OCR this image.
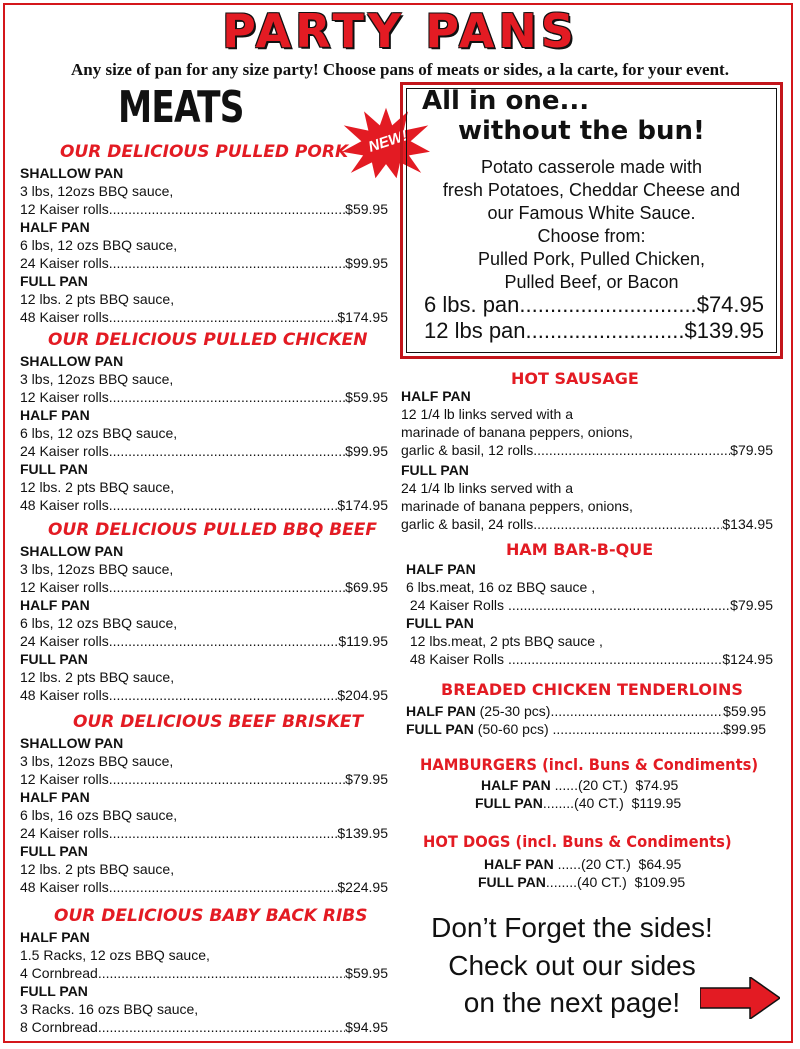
PARTY PANS
Any size of pan for any size party! Choose pans of meats or sides, a la carte, for your event.
MEATS
NEW!
OUR DELICIOUS PULLED PORK
SHALLOW PAN
3 lbs, 12ozs BBQ sauce,
12 Kaiser rolls .....	$59.95
HALF PAN
6 lbs, 12 ozs BBQ sauce,
24 Kaiser rolls .....	$99.95
FULL PAN
12 lbs. 2 pts BBQ sauce,
48 Kaiser rolls .....	$174.95
OUR DELICIOUS PULLED CHICKEN
SHALLOW PAN
3 lbs, 12ozs BBQ sauce,
12 Kaiser rolls .....	$59.95
HALF PAN
6 lbs, 12 ozs BBQ sauce,
24 Kaiser rolls .....	$99.95
FULL PAN
12 lbs. 2 pts BBQ sauce,
48 Kaiser rolls .....	$174.95
OUR DELICIOUS PULLED BBQ BEEF
SHALLOW PAN
3 lbs, 12ozs BBQ sauce,
12 Kaiser rolls .....	$69.95
HALF PAN
6 lbs, 12 ozs BBQ sauce,
24 Kaiser rolls .....	$119.95
FULL PAN
12 lbs. 2 pts BBQ sauce,
48 Kaiser rolls .....	$204.95
OUR DELICIOUS BEEF BRISKET
SHALLOW PAN
3 lbs, 12ozs BBQ sauce,
12 Kaiser rolls .....	$79.95
HALF PAN
6 lbs, 16 ozs BBQ sauce,
24 Kaiser rolls .....	$139.95
FULL PAN
12 lbs. 2 pts BBQ sauce,
48 Kaiser rolls .....	$224.95
OUR DELICIOUS BABY BACK RIBS
HALF PAN
1.5 Racks, 12 ozs BBQ sauce,
4 Cornbread .....	$59.95
FULL PAN
3 Racks. 16 ozs BBQ sauce,
8 Cornbread .....	$94.95
All in one...
without the bun!
Potato casserole made with
fresh Potatoes, Cheddar Cheese and
our Famous White Sauce.
Choose from:
Pulled Pork, Pulled Chicken,
Pulled Beef, or Bacon
6 lbs. pan .....	$74.95
12 lbs pan .....	$139.95
HOT SAUSAGE
HALF PAN
12 1/4 lb links served with a
marinade of banana peppers, onions,
garlic & basil, 12 rolls .....	$79.95
FULL PAN
24 1/4 lb links served with a
marinade of banana peppers, onions,
garlic & basil, 24 rolls .....	$134.95
HAM BAR-B-QUE
HALF PAN
6 lbs.meat, 16 oz BBQ sauce ,
24 Kaiser Rolls .....	$79.95
FULL PAN
12 lbs.meat, 2 pts BBQ sauce ,
48 Kaiser Rolls .....	$124.95
BREADED CHICKEN TENDERLOINS
HALF PAN (25-30 pcs) .....	$59.95
FULL PAN (50-60 pcs) .....	$99.95
HAMBURGERS (incl. Buns & Condiments)
HALF PAN ......(20 CT.)  $74.95
FULL PAN........(40 CT.)  $119.95
HOT DOGS (incl. Buns & Condiments)
HALF PAN ......(20 CT.)  $64.95
FULL PAN........(40 CT.)  $109.95
Don’t Forget the sides!
Check out our sides
on the next page!
